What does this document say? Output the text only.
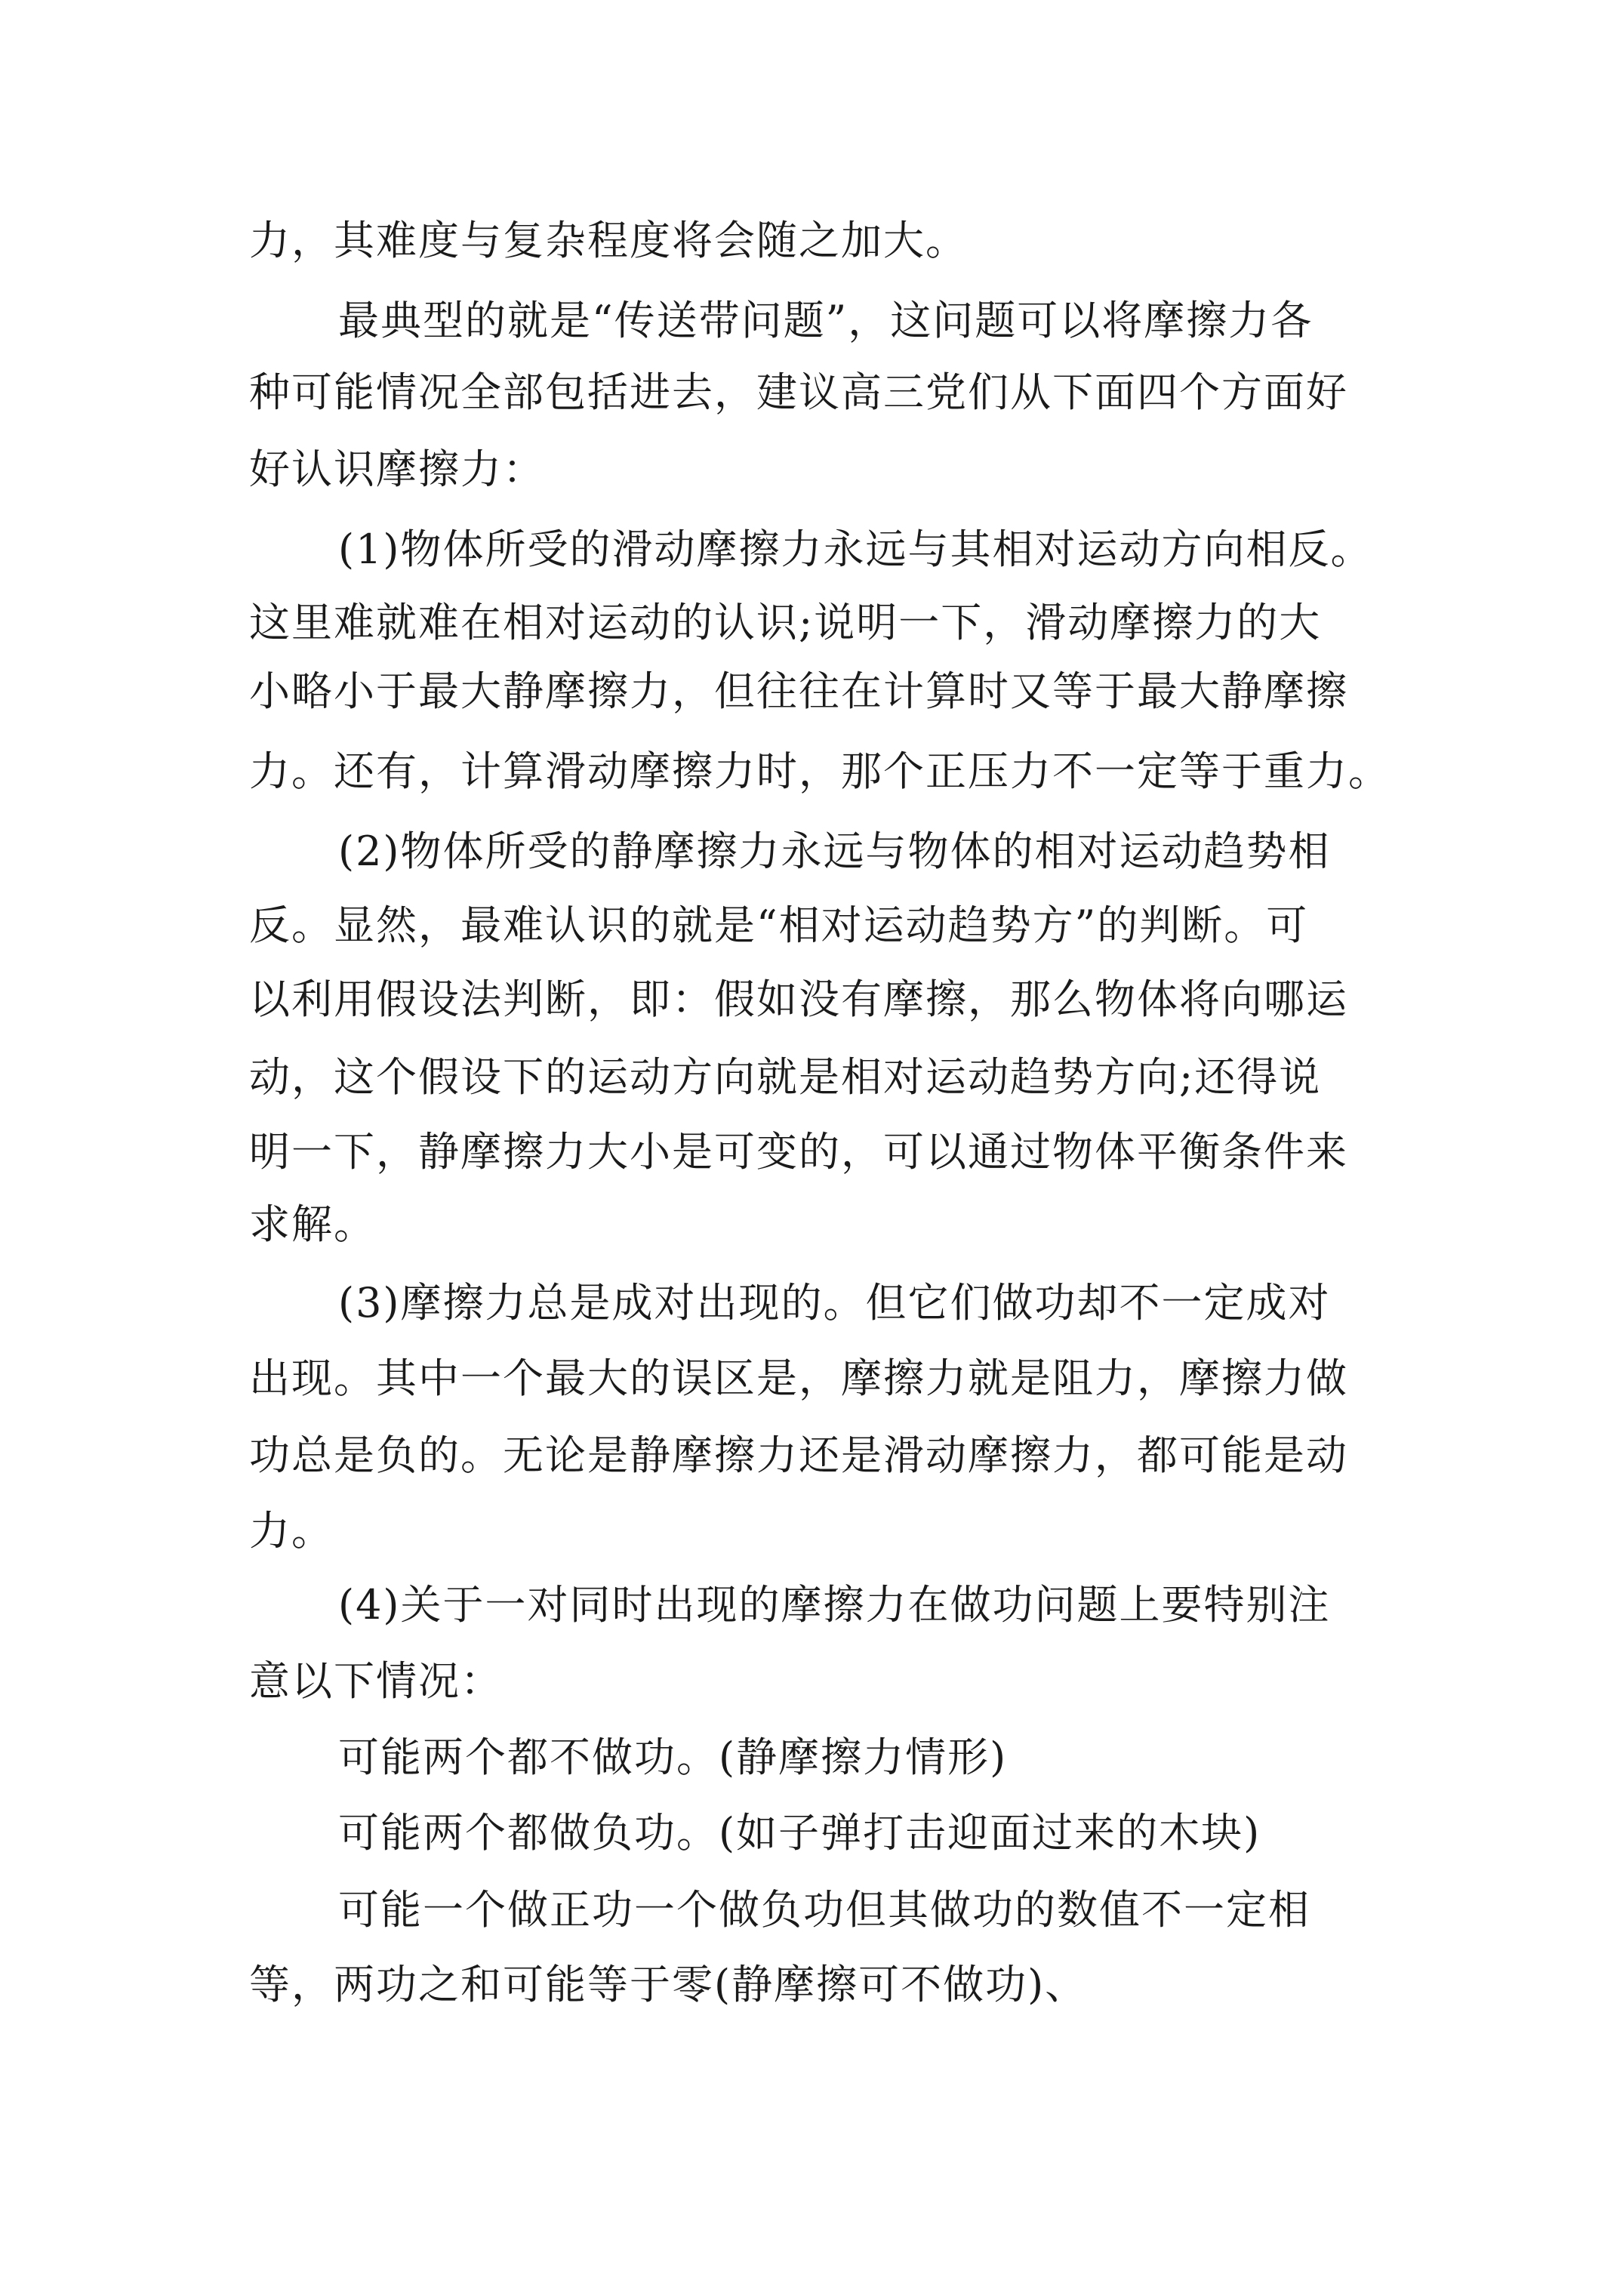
力，其难度与复杂程度将会随之加大。
最典型的就是“传送带问题”，这问题可以将摩擦力各
种可能情况全部包括进去，建议高三党们从下面四个方面好
好认识摩擦力：
(1)物体所受的滑动摩擦力永远与其相对运动方向相反。
这里难就难在相对运动的认识;说明一下，滑动摩擦力的大
小略小于最大静摩擦力，但往往在计算时又等于最大静摩擦
力。还有，计算滑动摩擦力时，那个正压力不一定等于重力。
(2)物体所受的静摩擦力永远与物体的相对运动趋势相
反。显然，最难认识的就是“相对运动趋势方”的判断。可
以利用假设法判断，即：假如没有摩擦，那么物体将向哪运
动，这个假设下的运动方向就是相对运动趋势方向;还得说
明一下，静摩擦力大小是可变的，可以通过物体平衡条件来
求解。
(3)摩擦力总是成对出现的。但它们做功却不一定成对
出现。其中一个最大的误区是，摩擦力就是阻力，摩擦力做
功总是负的。无论是静摩擦力还是滑动摩擦力，都可能是动
力。
(4)关于一对同时出现的摩擦力在做功问题上要特别注
意以下情况：
可能两个都不做功。(静摩擦力情形)
可能两个都做负功。(如子弹打击迎面过来的木块)
可能一个做正功一个做负功但其做功的数值不一定相
等，两功之和可能等于零(静摩擦可不做功)、
